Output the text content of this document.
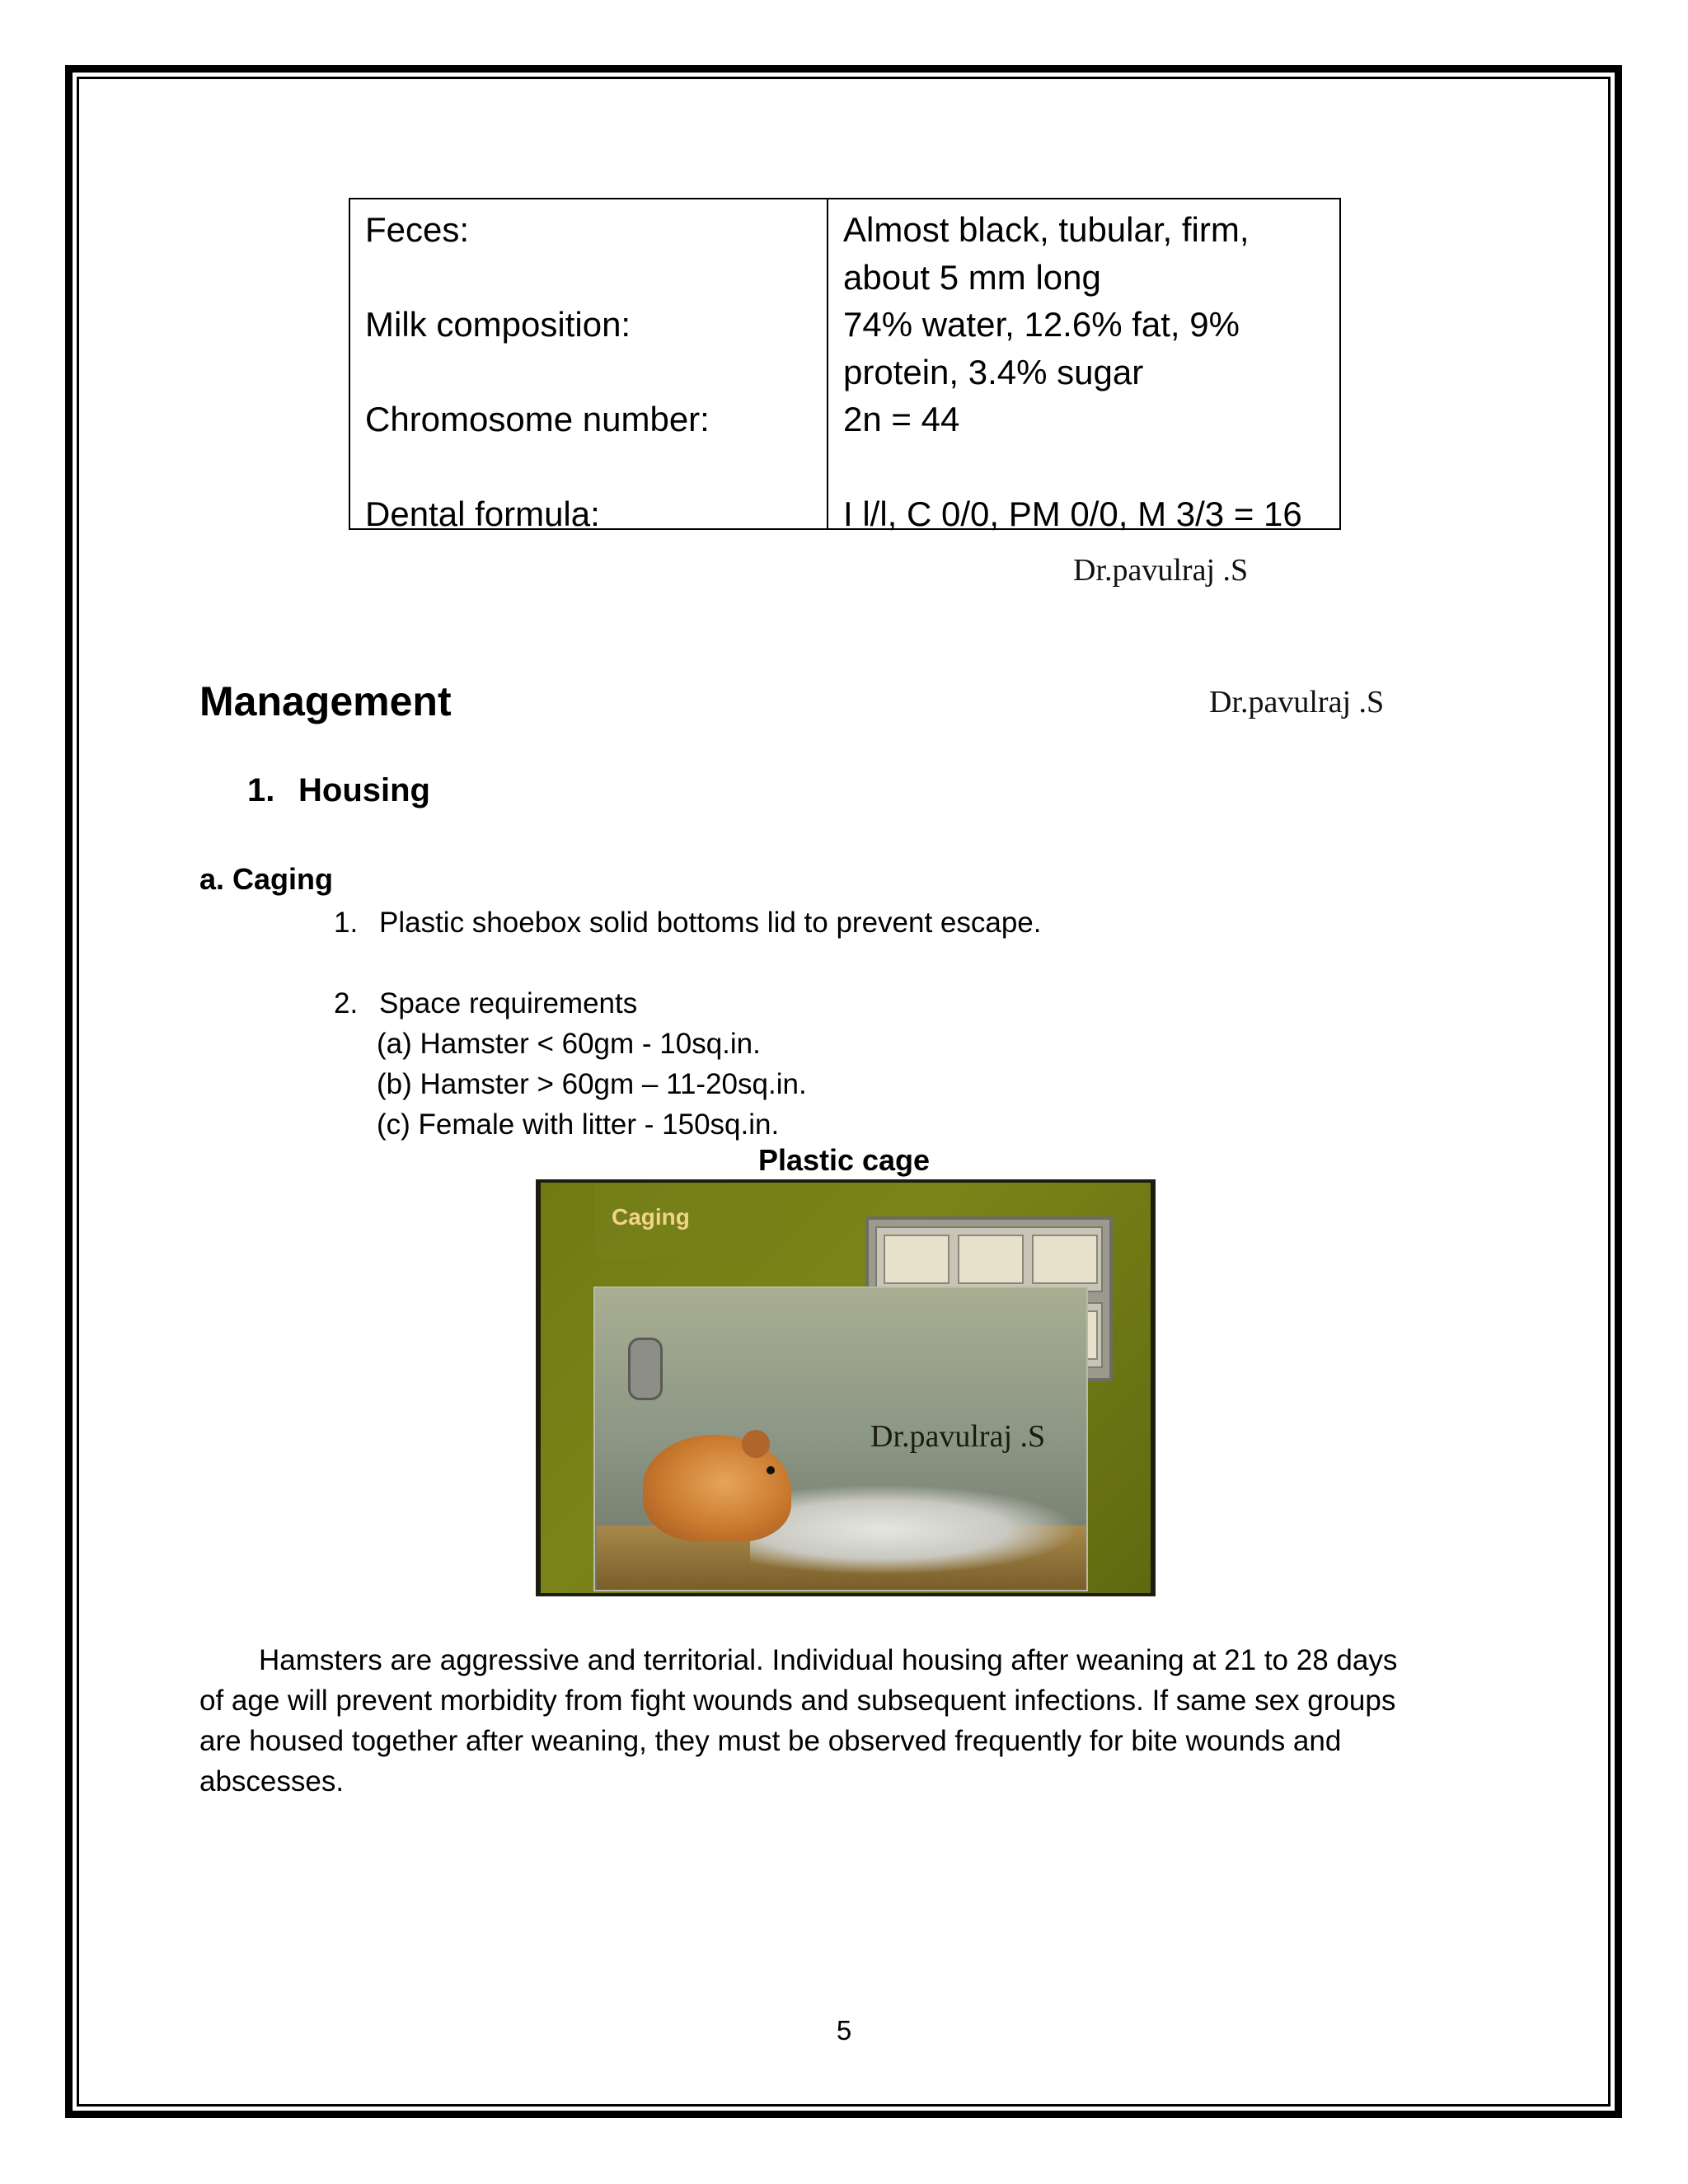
Feces:

Milk composition:

Chromosome number:

Dental formula:
Almost black, tubular, firm,
about 5 mm long
74% water, 12.6% fat, 9%
protein, 3.4% sugar
2n = 44

I l/l, C 0/0, PM 0/0, M 3/3 = 16
Dr.pavulraj .S
Management	Dr.pavulraj .S
1. Housing
a. Caging
1. Plastic shoebox solid bottoms lid to prevent escape.
2. Space requirements
(a) Hamster < 60gm - 10sq.in.
(b) Hamster > 60gm – 11-20sq.in.
(c) Female with litter - 150sq.in.
Plastic cage
Caging
Dr.pavulraj .S
Hamsters are aggressive and territorial. Individual housing after weaning at 21 to 28 days
of age will prevent morbidity from fight wounds and subsequent infections. If same sex groups
are housed together after weaning, they must be observed frequently for bite wounds and
abscesses.
5
